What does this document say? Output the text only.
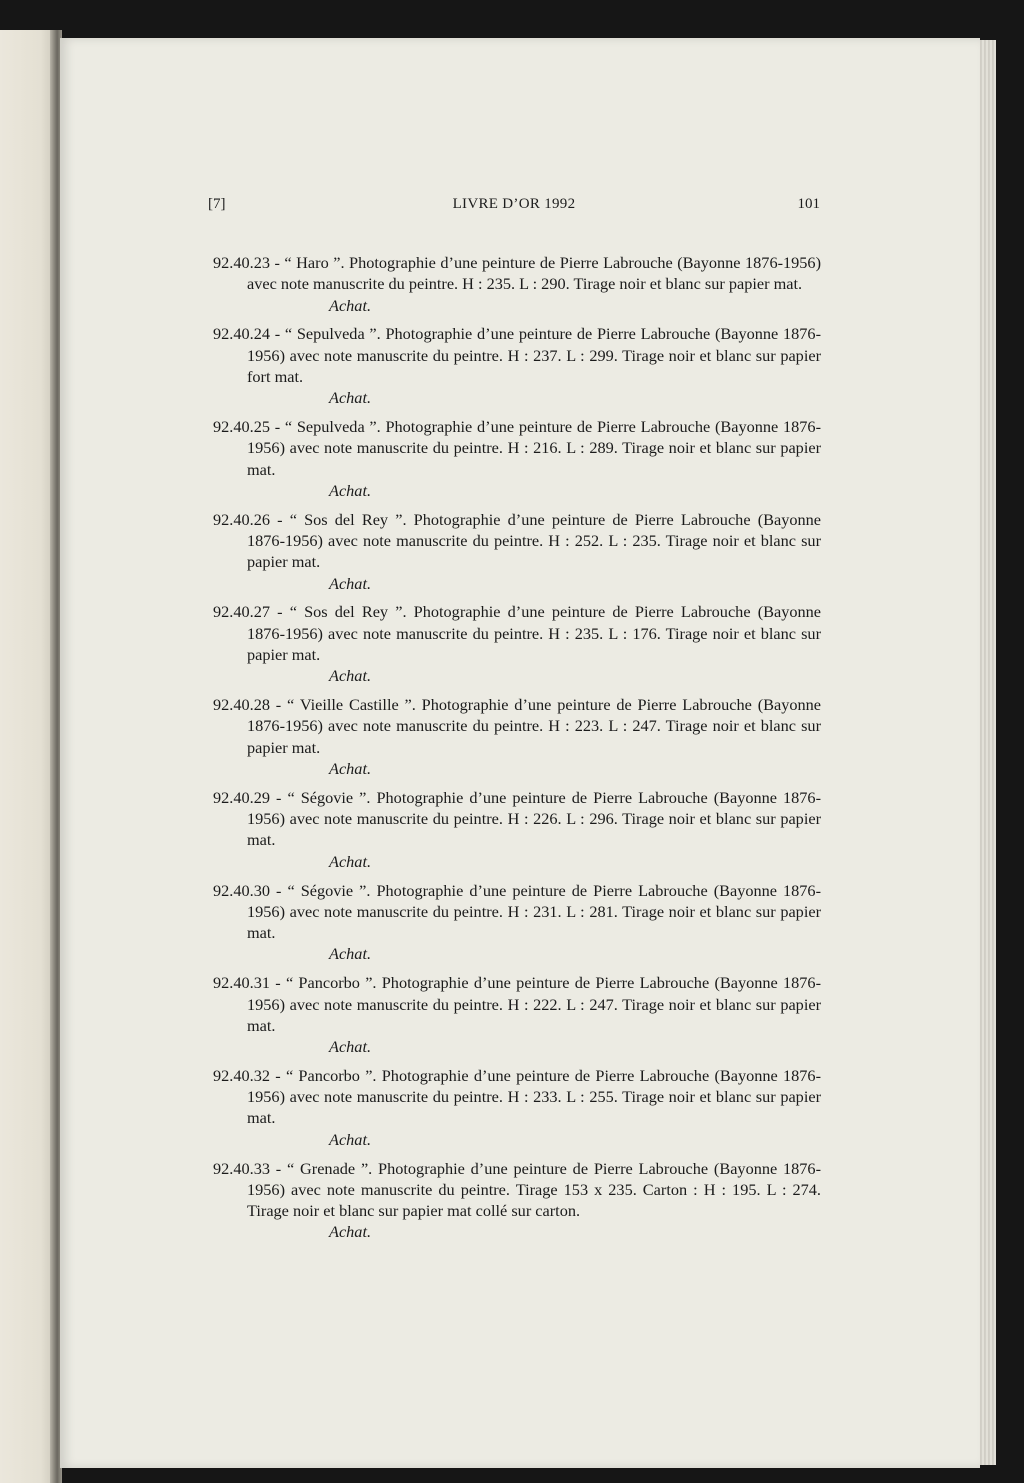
[7]	LIVRE D’OR 1992	101
92.40.23 - “ Haro ”. Photographie d’une peinture de Pierre Labrouche (Bayonne 1876-1956) avec note manuscrite du peintre. H : 235. L : 290. Tirage noir et blanc sur papier mat.
Achat.
92.40.24 - “ Sepulveda ”. Photographie d’une peinture de Pierre Labrouche (Bayonne 1876-1956) avec note manuscrite du peintre. H : 237. L : 299. Tirage noir et blanc sur papier fort mat.
Achat.
92.40.25 - “ Sepulveda ”. Photographie d’une peinture de Pierre Labrouche (Bayonne 1876-1956) avec note manuscrite du peintre. H : 216. L : 289. Tirage noir et blanc sur papier mat.
Achat.
92.40.26 - “ Sos del Rey ”. Photographie d’une peinture de Pierre Labrouche (Bayonne 1876-1956) avec note manuscrite du peintre. H : 252. L : 235. Tirage noir et blanc sur papier mat.
Achat.
92.40.27 - “ Sos del Rey ”. Photographie d’une peinture de Pierre Labrouche (Bayonne 1876-1956) avec note manuscrite du peintre. H : 235. L : 176. Tirage noir et blanc sur papier mat.
Achat.
92.40.28 - “ Vieille Castille ”. Photographie d’une peinture de Pierre Labrouche (Bayonne 1876-1956) avec note manuscrite du peintre. H : 223. L : 247. Tirage noir et blanc sur papier mat.
Achat.
92.40.29 - “ Ségovie ”. Photographie d’une peinture de Pierre Labrouche (Bayonne 1876-1956) avec note manuscrite du peintre. H : 226. L : 296. Tirage noir et blanc sur papier mat.
Achat.
92.40.30 - “ Ségovie ”. Photographie d’une peinture de Pierre Labrouche (Bayonne 1876-1956) avec note manuscrite du peintre. H : 231. L : 281. Tirage noir et blanc sur papier mat.
Achat.
92.40.31 - “ Pancorbo ”. Photographie d’une peinture de Pierre Labrouche (Bayonne 1876-1956) avec note manuscrite du peintre. H : 222. L : 247. Tirage noir et blanc sur papier mat.
Achat.
92.40.32 - “ Pancorbo ”. Photographie d’une peinture de Pierre Labrouche (Bayonne 1876-1956) avec note manuscrite du peintre. H : 233. L : 255. Tirage noir et blanc sur papier mat.
Achat.
92.40.33 - “ Grenade ”. Photographie d’une peinture de Pierre Labrouche (Bayonne 1876-1956) avec note manuscrite du peintre. Tirage 153 x 235. Carton : H : 195. L : 274. Tirage noir et blanc sur papier mat collé sur carton.
Achat.
